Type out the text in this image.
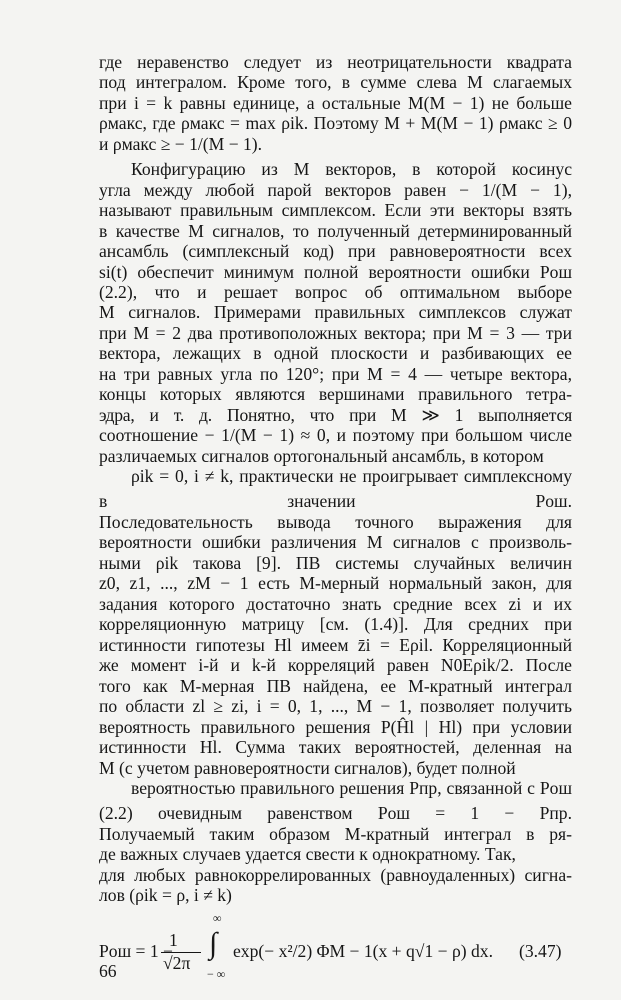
где неравенство следует из неотрицательности квадрата
под интегралом. Кроме того, в сумме слева M слагаемых
при i = k равны единице, а остальные M(M − 1) не больше
ρмакс, где ρмакс = max ρik. Поэтому M + M(M − 1) ρмакс ≥ 0
и ρмакс ≥ − 1/(M − 1).
Конфигурацию из M векторов, в которой косинус
угла между любой парой векторов равен − 1/(M − 1),
называют правильным симплексом. Если эти векторы взять
в качестве M сигналов, то полученный детерминированный
ансамбль (симплексный код) при равновероятности всех
si(t) обеспечит минимум полной вероятности ошибки Pош
(2.2), что и решает вопрос об оптимальном выборе
M сигналов. Примерами правильных симплексов служат
при M = 2 два противоположных вектора; при M = 3 — три
вектора, лежащих в одной плоскости и разбивающих ее
на три равных угла по 120°; при M = 4 — четыре вектора,
концы которых являются вершинами правильного тетра-
эдра, и т. д. Понятно, что при M ≫ 1 выполняется
соотношение − 1/(M − 1) ≈ 0, и поэтому при большом числе
различаемых сигналов ортогональный ансамбль, в котором
ρik = 0, i ≠ k, практически не проигрывает симплексному
в значении Pош.
Последовательность вывода точного выражения для
вероятности ошибки различения M сигналов с произволь-
ными ρik такова [9]. ПВ системы случайных величин
z0, z1, ..., zM − 1 есть M-мерный нормальный закон, для
задания которого достаточно знать средние всех zi и их
корреляционную матрицу [см. (1.4)]. Для средних при
истинности гипотезы Hl имеем z̄i = Eρil. Корреляционный
же момент i-й и k-й корреляций равен N0Eρik/2. После
того как M-мерная ПВ найдена, ее M-кратный интеграл
по области zl ≥ zi, i = 0, 1, ..., M − 1, позволяет получить
вероятность правильного решения P(Ĥl | Hl) при условии
истинности Hl. Сумма таких вероятностей, деленная на
M (с учетом равновероятности сигналов), будет полной
вероятностью правильного решения Pпр, связанной с Pош
(2.2) очевидным равенством Pош = 1 − Pпр.
Получаемый таким образом M-кратный интеграл в ря-
де важных случаев удается свести к однократному. Так,
Pош = 1 −
1
√2π
∫
∞
− ∞
exp(− x²/2) ΦM − 1(x + q√1 − ρ) dx. (3.47)
66
для любых равнокоррелированных (равноудаленных) сигна-
лов (ρik = ρ, i ≠ k)
